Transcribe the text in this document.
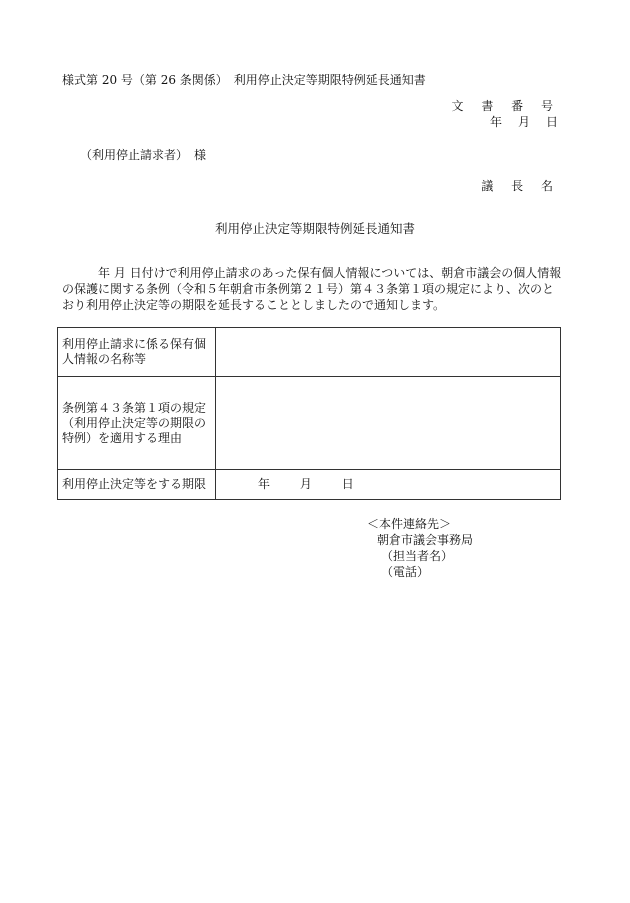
様式第 20 号（第 26 条関係）　利用停止決定等期限特例延長通知書
文 書 番 号
年　月　日
（利用停止請求者）　様
議 長 名
利用停止決定等期限特例延長通知書
年 月 日付けで利用停止請求のあった保有個人情報については、朝倉市議会の個人情報の保護に関する条例（令和５年朝倉市条例第２１号）第４３条第１項の規定により、次のとおり利用停止決定等の期限を延長することとしましたので通知します。
利用停止請求に係る保有個
人情報の名称等	

条例第４３条第１項の規定
（利用停止決定等の期限の
特例）を適用する理由	

利用停止決定等をする期限	年 月 日
＜本件連絡先＞
朝倉市議会事務局
（担当者名）
（電話）
